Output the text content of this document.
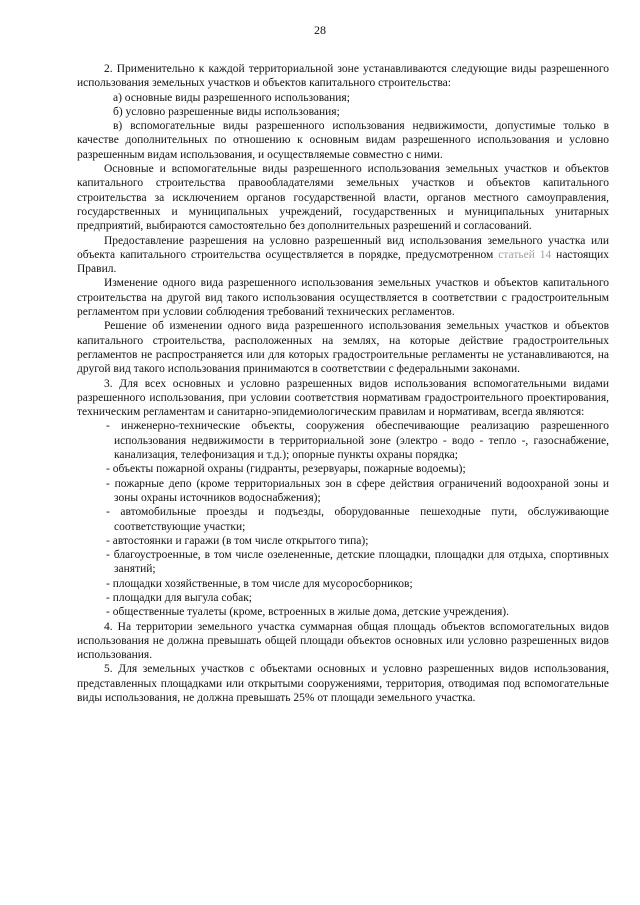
28

2. Применительно к каждой территориальной зоне устанавливаются следующие виды разрешенного использования земельных участков и объектов капитального строительства:

а) основные виды разрешенного использования;

б) условно разрешенные виды использования;

в) вспомогательные виды разрешенного использования недвижимости, допустимые только в качестве дополнительных по отношению к основным видам разрешенного использования и условно разрешенным видам использования, и осуществляемые совместно с ними.

Основные и вспомогательные виды разрешенного использования земельных участков и объектов капитального строительства правообладателями земельных участков и объектов капитального строительства за исключением органов государственной власти, органов местного самоуправления, государственных и муниципальных учреждений, государственных и муниципальных унитарных предприятий, выбираются самостоятельно без дополнительных разрешений и согласований.

Предоставление разрешения на условно разрешенный вид использования земельного участка или объекта капитального строительства осуществляется в порядке, предусмотренном статьей 14 настоящих Правил.

Изменение одного вида разрешенного использования земельных участков и объектов капитального строительства на другой вид такого использования осуществляется в соответствии с градостроительным регламентом при условии соблюдения требований технических регламентов.

Решение об изменении одного вида разрешенного использования земельных участков и объектов капитального строительства, расположенных на землях, на которые действие градостроительных регламентов не распространяется или для которых градостроительные регламенты не устанавливаются, на другой вид такого использования принимаются в соответствии с федеральными законами.

3. Для всех основных и условно разрешенных видов использования вспомогательными видами разрешенного использования, при условии соответствия нормативам градостроительного проектирования, техническим регламентам и санитарно-эпидемиологическим правилам и нормативам, всегда являются:

- инженерно-технические объекты, сооружения обеспечивающие реализацию разрешенного использования недвижимости в территориальной зоне (электро - водо - тепло -, газоснабжение, канализация, телефонизация и т.д.); опорные пункты охраны порядка;
- объекты пожарной охраны (гидранты, резервуары, пожарные водоемы);
- пожарные депо (кроме территориальных зон в сфере действия ограничений водоохраной зоны и зоны охраны источников водоснабжения);
- автомобильные проезды и подъезды, оборудованные пешеходные пути, обслуживающие соответствующие участки;
- автостоянки и гаражи (в том числе открытого типа);
- благоустроенные, в том числе озелененные, детские площадки, площадки для отдыха, спортивных занятий;
- площадки хозяйственные, в том числе для мусоросборников;
- площадки для выгула собак;
- общественные туалеты (кроме, встроенных в жилые дома, детские учреждения).

4. На территории земельного участка суммарная общая площадь объектов вспомогательных видов использования не должна превышать общей площади объектов основных или условно разрешенных видов использования.

5. Для земельных участков с объектами основных и условно разрешенных видов использования, представленных площадками или открытыми сооружениями, территория, отводимая под вспомогательные виды использования, не должна превышать 25% от площади земельного участка.
